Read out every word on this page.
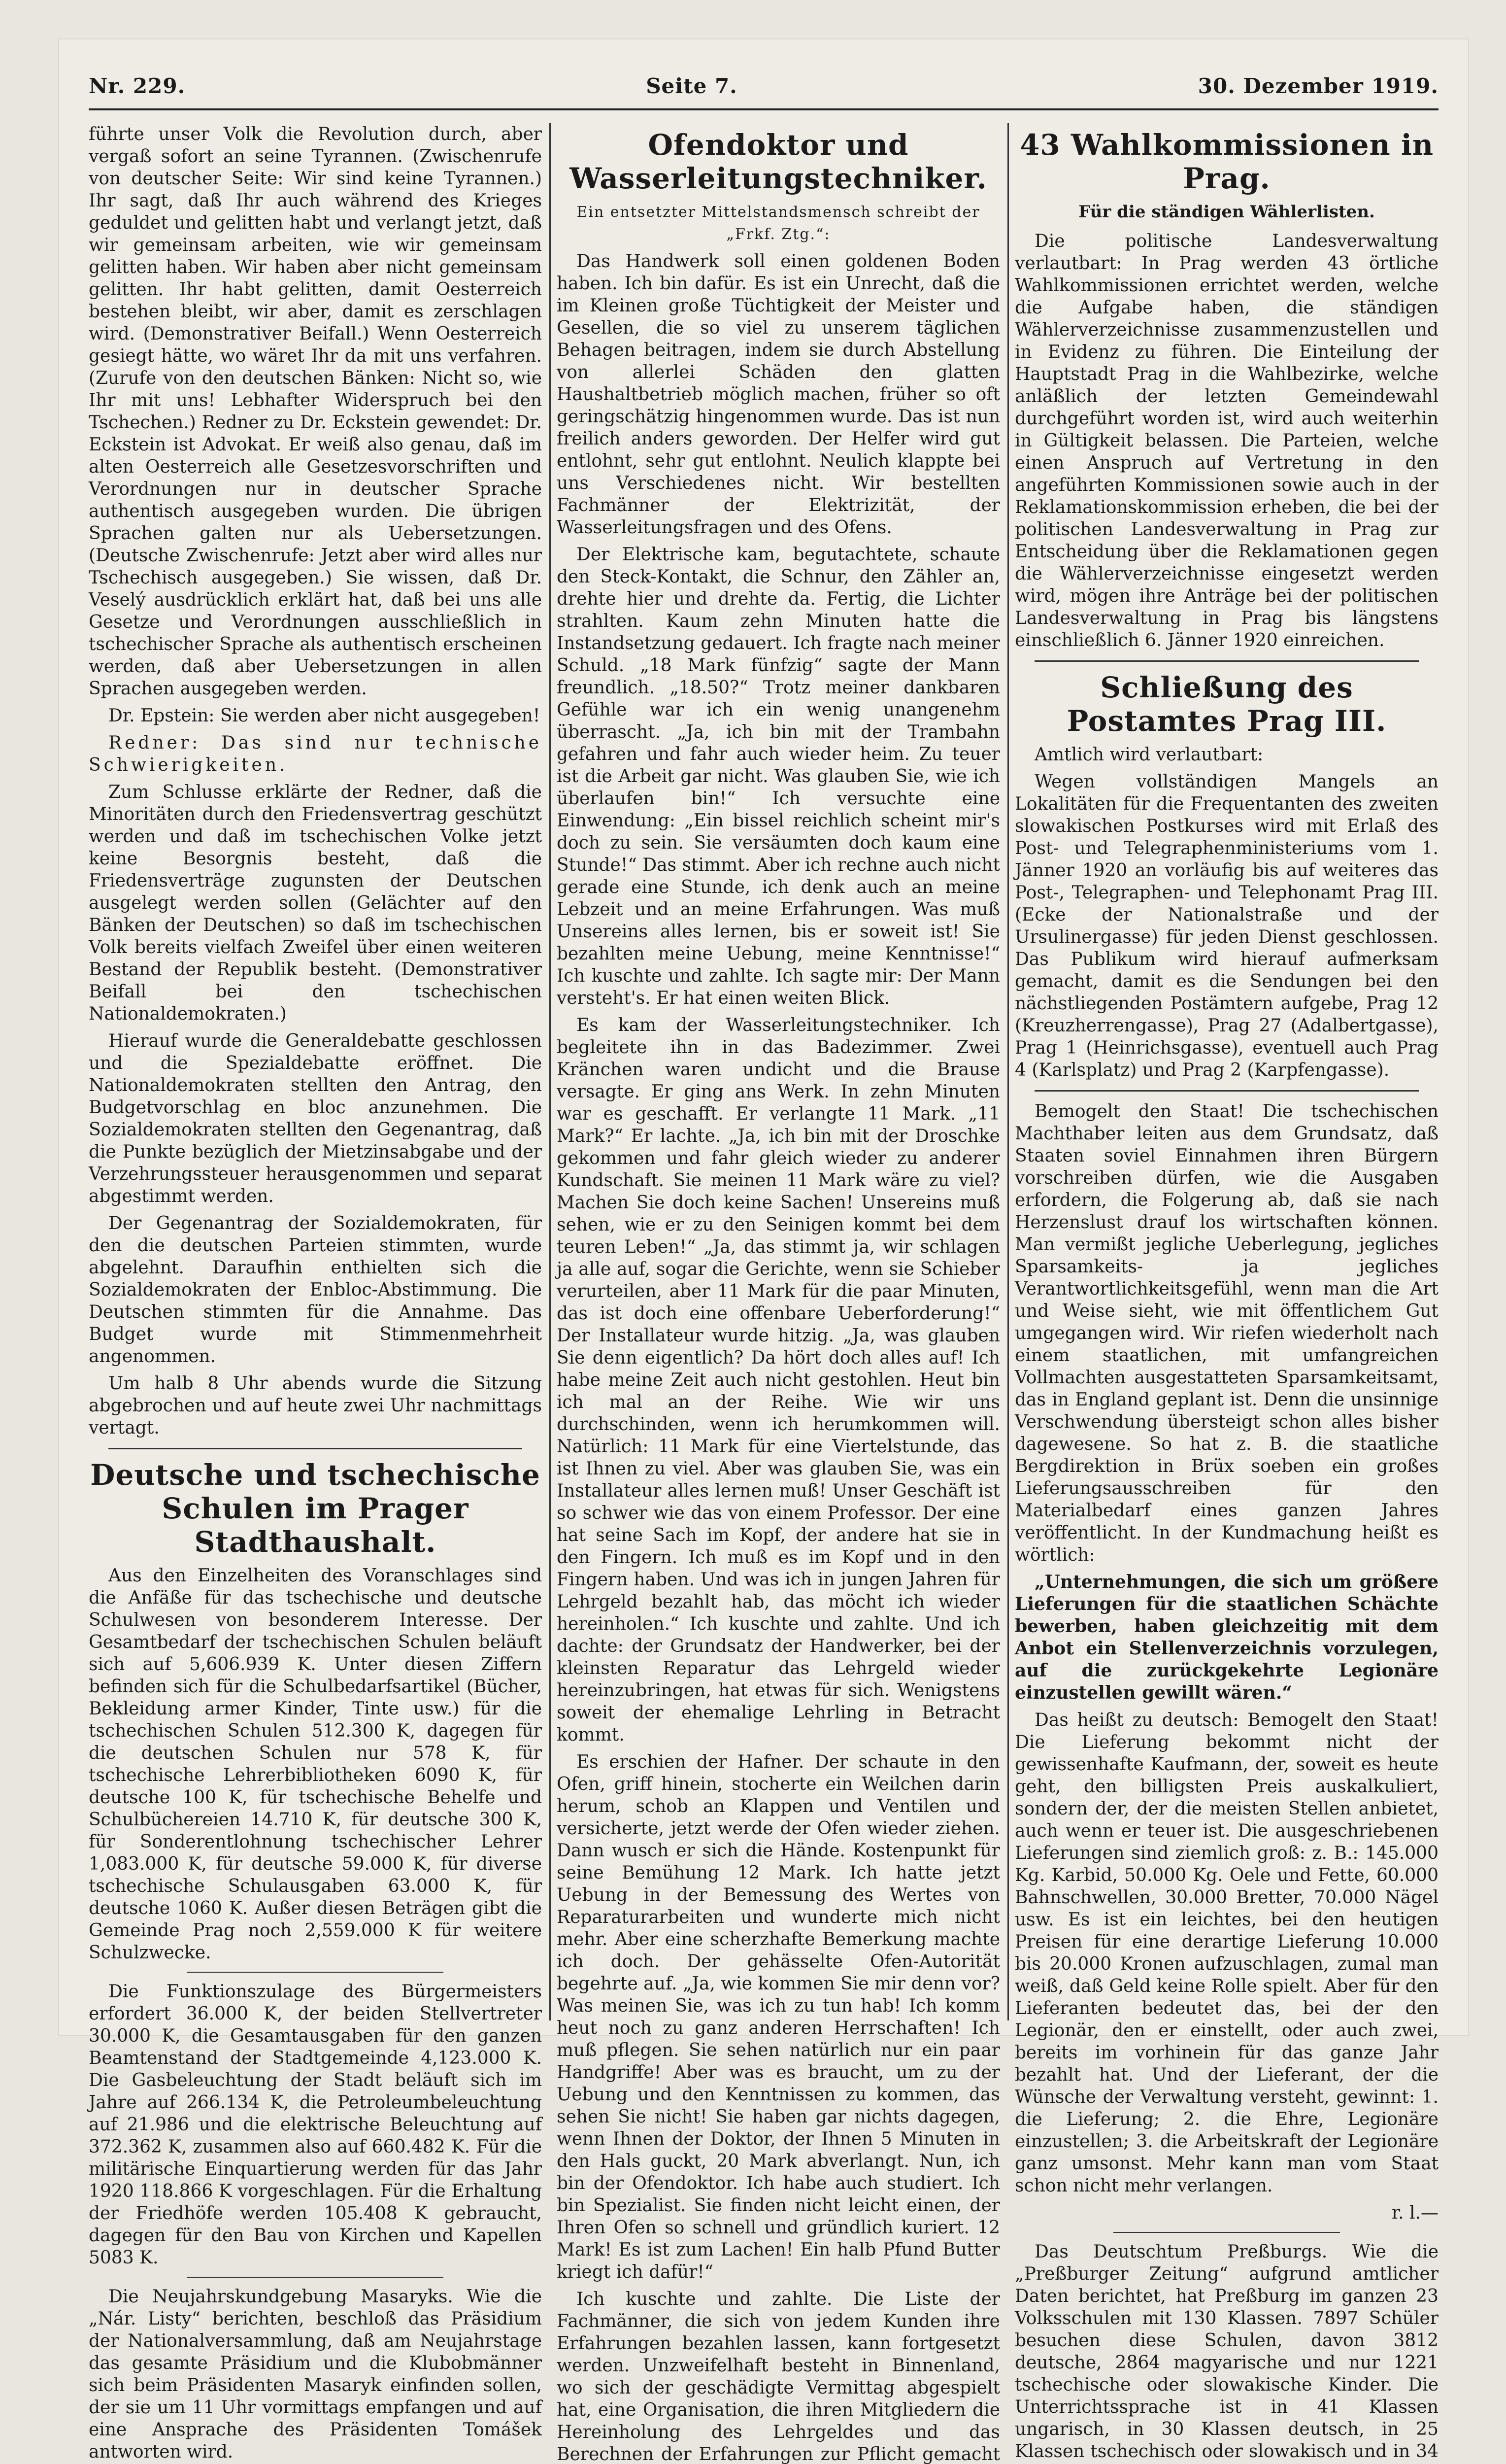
Nr. 229.	Seite 7.	30. Dezember 1919.

führte unser Volk die Revolution durch, aber vergaß sofort an seine Tyrannen. (Zwischenrufe von deutscher Seite: Wir sind keine Tyrannen.) Ihr sagt, daß Ihr auch während des Krieges geduldet und gelitten habt und verlangt jetzt, daß wir gemeinsam arbeiten, wie wir gemeinsam gelitten haben. Wir haben aber nicht gemeinsam gelitten. Ihr habt gelitten, damit Oesterreich bestehen bleibt, wir aber, damit es zerschlagen wird. (Demonstrativer Beifall.) Wenn Oesterreich gesiegt hätte, wo wäret Ihr da mit uns verfahren. (Zurufe von den deutschen Bänken: Nicht so, wie Ihr mit uns! Lebhafter Widerspruch bei den Tschechen.) Redner zu Dr. Eckstein gewendet: Dr. Eckstein ist Advokat. Er weiß also genau, daß im alten Oesterreich alle Gesetzesvorschriften und Verordnungen nur in deutscher Sprache authentisch ausgegeben wurden. Die übrigen Sprachen galten nur als Uebersetzungen. (Deutsche Zwischenrufe: Jetzt aber wird alles nur Tschechisch ausgegeben.) Sie wissen, daß Dr. Veselý ausdrücklich erklärt hat, daß bei uns alle Gesetze und Verordnungen ausschließlich in tschechischer Sprache als authentisch erscheinen werden, daß aber Uebersetzungen in allen Sprachen ausgegeben werden.

Dr. Epstein: Sie werden aber nicht ausgegeben!

Redner: Das sind nur technische Schwierigkeiten.

Zum Schlusse erklärte der Redner, daß die Minoritäten durch den Friedensvertrag geschützt werden und daß im tschechischen Volke jetzt keine Besorgnis besteht, daß die Friedensverträge zugunsten der Deutschen ausgelegt werden sollen (Gelächter auf den Bänken der Deutschen) so daß im tschechischen Volk bereits vielfach Zweifel über einen weiteren Bestand der Republik besteht. (Demonstrativer Beifall bei den tschechischen Nationaldemokraten.)

Hierauf wurde die Generaldebatte geschlossen und die Spezialdebatte eröffnet. Die Nationaldemokraten stellten den Antrag, den Budgetvorschlag en bloc anzunehmen. Die Sozialdemokraten stellten den Gegenantrag, daß die Punkte bezüglich der Mietzinsabgabe und der Verzehrungssteuer herausgenommen und separat abgestimmt werden.

Der Gegenantrag der Sozialdemokraten, für den die deutschen Parteien stimmten, wurde abgelehnt. Daraufhin enthielten sich die Sozialdemokraten der Enbloc-Abstimmung. Die Deutschen stimmten für die Annahme. Das Budget wurde mit Stimmenmehrheit angenommen.

Um halb 8 Uhr abends wurde die Sitzung abgebrochen und auf heute zwei Uhr nachmittags vertagt.

Deutsche und tschechische Schulen im Prager Stadthaushalt.

Aus den Einzelheiten des Voranschlages sind die Anfäße für das tschechische und deutsche Schulwesen von besonderem Interesse. Der Gesamtbedarf der tschechischen Schulen beläuft sich auf 5,606.939 K. Unter diesen Ziffern befinden sich für die Schulbedarfsartikel (Bücher, Bekleidung armer Kinder, Tinte usw.) für die tschechischen Schulen 512.300 K, dagegen für die deutschen Schulen nur 578 K, für tschechische Lehrerbibliotheken 6090 K, für deutsche 100 K, für tschechische Behelfe und Schulbüchereien 14.710 K, für deutsche 300 K, für Sonderentlohnung tschechischer Lehrer 1,083.000 K, für deutsche 59.000 K, für diverse tschechische Schulausgaben 63.000 K, für deutsche 1060 K. Außer diesen Beträgen gibt die Gemeinde Prag noch 2,559.000 K für weitere Schulzwecke.

Die Funktionszulage des Bürgermeisters erfordert 36.000 K, der beiden Stellvertreter 30.000 K, die Gesamtausgaben für den ganzen Beamtenstand der Stadtgemeinde 4,123.000 K. Die Gasbeleuchtung der Stadt beläuft sich im Jahre auf 266.134 K, die Petroleumbeleuchtung auf 21.986 und die elektrische Beleuchtung auf 372.362 K, zusammen also auf 660.482 K. Für die militärische Einquartierung werden für das Jahr 1920 118.866 K vorgeschlagen. Für die Erhaltung der Friedhöfe werden 105.408 K gebraucht, dagegen für den Bau von Kirchen und Kapellen 5083 K.

Die Neujahrskundgebung Masaryks. Wie die „Nár. Listy“ berichten, beschloß das Präsidium der Nationalversammlung, daß am Neujahrstage das gesamte Präsidium und die Klubobmänner sich beim Präsidenten Masaryk einfinden sollen, der sie um 11 Uhr vormittags empfangen und auf eine Ansprache des Präsidenten Tomášek antworten wird.

Ofendoktor und Wasserleitungstechniker.
Ein entsetzter Mittelstandsmensch schreibt der „Frkf. Ztg.“:

Das Handwerk soll einen goldenen Boden haben. Ich bin dafür. Es ist ein Unrecht, daß die im Kleinen große Tüchtigkeit der Meister und Gesellen, die so viel zu unserem täglichen Behagen beitragen, indem sie durch Abstellung von allerlei Schäden den glatten Haushaltbetrieb möglich machen, früher so oft geringschätzig hingenommen wurde. Das ist nun freilich anders geworden. Der Helfer wird gut entlohnt, sehr gut entlohnt. Neulich klappte bei uns Verschiedenes nicht. Wir bestellten Fachmänner der Elektrizität, der Wasserleitungsfragen und des Ofens.

Der Elektrische kam, begutachtete, schaute den Steck-Kontakt, die Schnur, den Zähler an, drehte hier und drehte da. Fertig, die Lichter strahlten. Kaum zehn Minuten hatte die Instandsetzung gedauert. Ich fragte nach meiner Schuld. „18 Mark fünfzig“ sagte der Mann freundlich. „18.50?“ Trotz meiner dankbaren Gefühle war ich ein wenig unangenehm überrascht. „Ja, ich bin mit der Trambahn gefahren und fahr auch wieder heim. Zu teuer ist die Arbeit gar nicht. Was glauben Sie, wie ich überlaufen bin!“ Ich versuchte eine Einwendung: „Ein bissel reichlich scheint mir's doch zu sein. Sie versäumten doch kaum eine Stunde!“ Das stimmt. Aber ich rechne auch nicht gerade eine Stunde, ich denk auch an meine Lebzeit und an meine Erfahrungen. Was muß Unsereins alles lernen, bis er soweit ist! Sie bezahlten meine Uebung, meine Kenntnisse!“ Ich kuschte und zahlte. Ich sagte mir: Der Mann versteht's. Er hat einen weiten Blick.

Es kam der Wasserleitungstechniker. Ich begleitete ihn in das Badezimmer. Zwei Kränchen waren undicht und die Brause versagte. Er ging ans Werk. In zehn Minuten war es geschafft. Er verlangte 11 Mark. „11 Mark?“ Er lachte. „Ja, ich bin mit der Droschke gekommen und fahr gleich wieder zu anderer Kundschaft. Sie meinen 11 Mark wäre zu viel? Machen Sie doch keine Sachen! Unsereins muß sehen, wie er zu den Seinigen kommt bei dem teuren Leben!“ „Ja, das stimmt ja, wir schlagen ja alle auf, sogar die Gerichte, wenn sie Schieber verurteilen, aber 11 Mark für die paar Minuten, das ist doch eine offenbare Ueberforderung!“ Der Installateur wurde hitzig. „Ja, was glauben Sie denn eigentlich? Da hört doch alles auf! Ich habe meine Zeit auch nicht gestohlen. Heut bin ich mal an der Reihe. Wie wir uns durchschinden, wenn ich herumkommen will. Natürlich: 11 Mark für eine Viertelstunde, das ist Ihnen zu viel. Aber was glauben Sie, was ein Installateur alles lernen muß! Unser Geschäft ist so schwer wie das von einem Professor. Der eine hat seine Sach im Kopf, der andere hat sie in den Fingern. Ich muß es im Kopf und in den Fingern haben. Und was ich in jungen Jahren für Lehrgeld bezahlt hab, das möcht ich wieder hereinholen.“ Ich kuschte und zahlte. Und ich dachte: der Grundsatz der Handwerker, bei der kleinsten Reparatur das Lehrgeld wieder hereinzubringen, hat etwas für sich. Wenigstens soweit der ehemalige Lehrling in Betracht kommt.

Es erschien der Hafner. Der schaute in den Ofen, griff hinein, stocherte ein Weilchen darin herum, schob an Klappen und Ventilen und versicherte, jetzt werde der Ofen wieder ziehen. Dann wusch er sich die Hände. Kostenpunkt für seine Bemühung 12 Mark. Ich hatte jetzt Uebung in der Bemessung des Wertes von Reparaturarbeiten und wunderte mich nicht mehr. Aber eine scherzhafte Bemerkung machte ich doch. Der gehässelte Ofen-Autorität begehrte auf. „Ja, wie kommen Sie mir denn vor? Was meinen Sie, was ich zu tun hab! Ich komm heut noch zu ganz anderen Herrschaften! Ich muß pflegen. Sie sehen natürlich nur ein paar Handgriffe! Aber was es braucht, um zu der Uebung und den Kenntnissen zu kommen, das sehen Sie nicht! Sie haben gar nichts dagegen, wenn Ihnen der Doktor, der Ihnen 5 Minuten in den Hals guckt, 20 Mark abverlangt. Nun, ich bin der Ofendoktor. Ich habe auch studiert. Ich bin Spezialist. Sie finden nicht leicht einen, der Ihren Ofen so schnell und gründlich kuriert. 12 Mark! Es ist zum Lachen! Ein halb Pfund Butter kriegt ich dafür!“

Ich kuschte und zahlte. Die Liste der Fachmänner, die sich von jedem Kunden ihre Erfahrungen bezahlen lassen, kann fortgesetzt werden. Unzweifelhaft besteht in Binnenland, wo sich der geschädigte Vermittag abgespielt hat, eine Organisation, die ihren Mitgliedern die Hereinholung des Lehrgeldes und das Berechnen der Erfahrungen zur Pflicht gemacht

43 Wahlkommissionen in Prag.
Für die ständigen Wählerlisten.

Die politische Landesverwaltung verlautbart: In Prag werden 43 örtliche Wahlkommissionen errichtet werden, welche die Aufgabe haben, die ständigen Wählerverzeichnisse zusammenzustellen und in Evidenz zu führen. Die Einteilung der Hauptstadt Prag in die Wahlbezirke, welche anläßlich der letzten Gemeindewahl durchgeführt worden ist, wird auch weiterhin in Gültigkeit belassen. Die Parteien, welche einen Anspruch auf Vertretung in den angeführten Kommissionen sowie auch in der Reklamationskommission erheben, die bei der politischen Landesverwaltung in Prag zur Entscheidung über die Reklamationen gegen die Wählerverzeichnisse eingesetzt werden wird, mögen ihre Anträge bei der politischen Landesverwaltung in Prag bis längstens einschließlich 6. Jänner 1920 einreichen.

Schließung des Postamtes Prag III.

Amtlich wird verlautbart:

Wegen vollständigen Mangels an Lokalitäten für die Frequentanten des zweiten slowakischen Postkurses wird mit Erlaß des Post- und Telegraphenministeriums vom 1. Jänner 1920 an vorläufig bis auf weiteres das Post-, Telegraphen- und Telephonamt Prag III. (Ecke der Nationalstraße und der Ursulinergasse) für jeden Dienst geschlossen. Das Publikum wird hierauf aufmerksam gemacht, damit es die Sendungen bei den nächstliegenden Postämtern aufgebe, Prag 12 (Kreuzherrengasse), Prag 27 (Adalbertgasse), Prag 1 (Heinrichsgasse), eventuell auch Prag 4 (Karlsplatz) und Prag 2 (Karpfengasse).

Bemogelt den Staat! Die tschechischen Machthaber leiten aus dem Grundsatz, daß Staaten soviel Einnahmen ihren Bürgern vorschreiben dürfen, wie die Ausgaben erfordern, die Folgerung ab, daß sie nach Herzenslust drauf los wirtschaften können. Man vermißt jegliche Ueberlegung, jegliches Sparsamkeits- ja jegliches Verantwortlichkeitsgefühl, wenn man die Art und Weise sieht, wie mit öffentlichem Gut umgegangen wird. Wir riefen wiederholt nach einem staatlichen, mit umfangreichen Vollmachten ausgestatteten Sparsamkeitsamt, das in England geplant ist. Denn die unsinnige Verschwendung übersteigt schon alles bisher dagewesene. So hat z. B. die staatliche Bergdirektion in Brüx soeben ein großes Lieferungsausschreiben für den Materialbedarf eines ganzen Jahres veröffentlicht. In der Kundmachung heißt es wörtlich:

„Unternehmungen, die sich um größere Lieferungen für die staatlichen Schächte bewerben, haben gleichzeitig mit dem Anbot ein Stellenverzeichnis vorzulegen, auf die zurückgekehrte Legionäre einzustellen gewillt wären.“

Das heißt zu deutsch: Bemogelt den Staat! Die Lieferung bekommt nicht der gewissenhafte Kaufmann, der, soweit es heute geht, den billigsten Preis auskalkuliert, sondern der, der die meisten Stellen anbietet, auch wenn er teuer ist. Die ausgeschriebenen Lieferungen sind ziemlich groß: z. B.: 145.000 Kg. Karbid, 50.000 Kg. Oele und Fette, 60.000 Bahnschwellen, 30.000 Bretter, 70.000 Nägel usw. Es ist ein leichtes, bei den heutigen Preisen für eine derartige Lieferung 10.000 bis 20.000 Kronen aufzuschlagen, zumal man weiß, daß Geld keine Rolle spielt. Aber für den Lieferanten bedeutet das, bei der den Legionär, den er einstellt, oder auch zwei, bereits im vorhinein für das ganze Jahr bezahlt hat. Und der Lieferant, der die Wünsche der Verwaltung versteht, gewinnt: 1. die Lieferung; 2. die Ehre, Legionäre einzustellen; 3. die Arbeitskraft der Legionäre ganz umsonst. Mehr kann man vom Staat schon nicht mehr verlangen.

r. l.—

Das Deutschtum Preßburgs. Wie die „Preßburger Zeitung“ aufgrund amtlicher Daten berichtet, hat Preßburg im ganzen 23 Volksschulen mit 130 Klassen. 7897 Schüler besuchen diese Schulen, davon 3812 deutsche, 2864 magyarische und nur 1221 tschechische oder slowakische Kinder. Die Unterrichtssprache ist in 41 Klassen ungarisch, in 30 Klassen deutsch, in 25 Klassen tschechisch oder slowakisch und in 34
